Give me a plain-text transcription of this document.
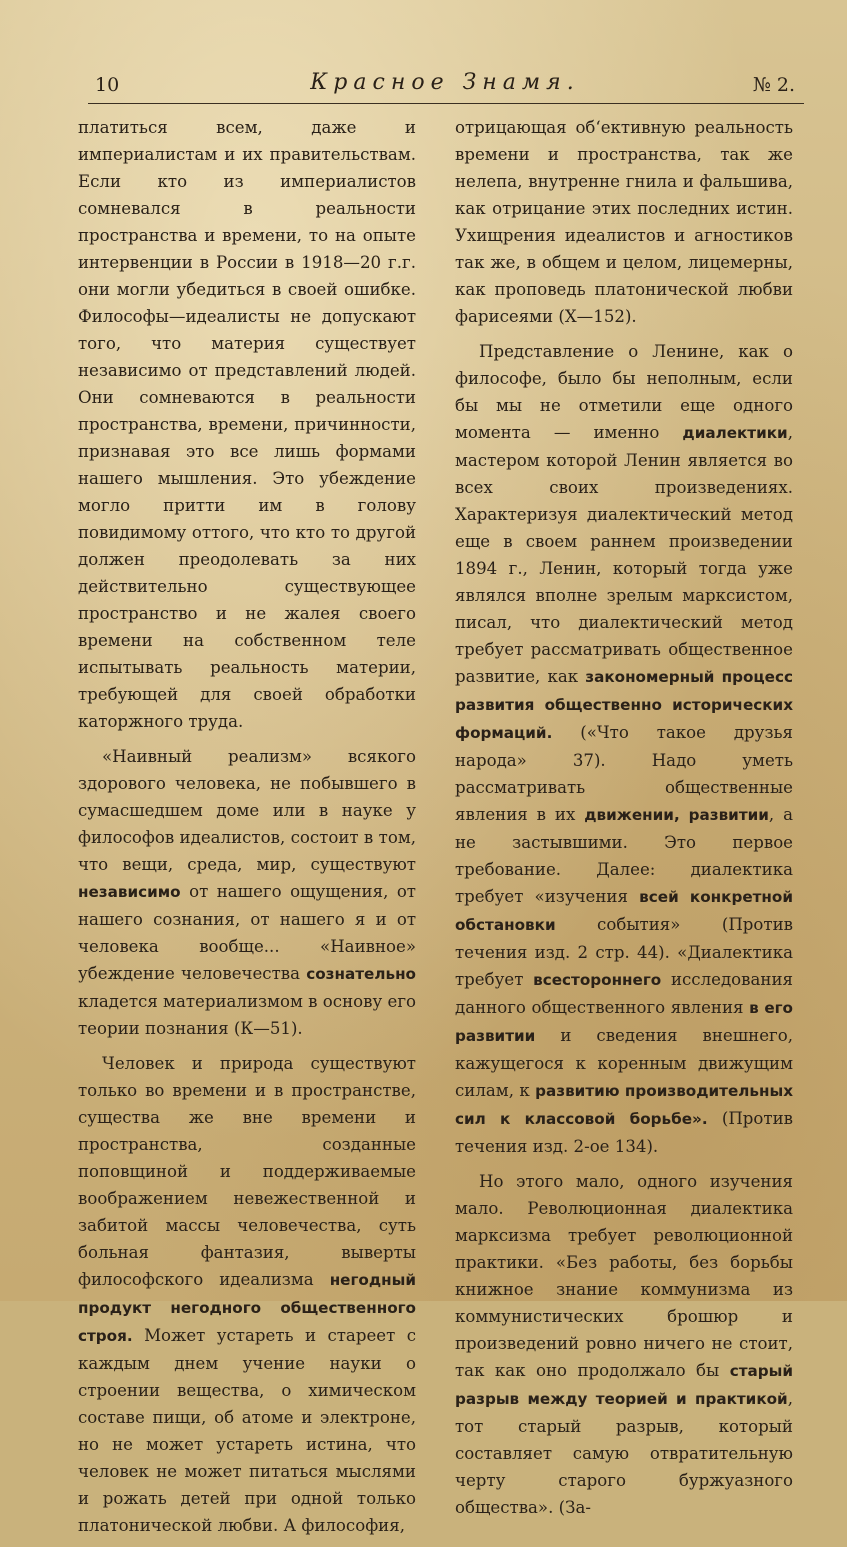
10	Красное Знамя.	№ 2.

платиться всем, даже и империалистам и их правительствам. Если кто из империалистов сомневался в реальности пространства и времени, то на опыте интервенции в России в 1918—20 г.г. они могли убедиться в своей ошибке. Философы—идеалисты не допускают того, что материя существует независимо от представлений людей. Они сомневаются в реальности пространства, времени, причинности, признавая это все лишь формами нашего мышления. Это убеждение могло притти им в голову повидимому оттого, что кто то другой должен преодолевать за них действительно существующее пространство и не жалея своего времени на собственном теле испытывать реальность материи, требующей для своей обработки каторжного труда.

«Наивный реализм» всякого здорового человека, не побывшего в сумасшедшем доме или в науке у философов идеалистов, состоит в том, что вещи, среда, мир, существуют независимо от нашего ощущения, от нашего сознания, от нашего я и от человека вообще... «Наивное» убеждение человечества сознательно кладется материализмом в основу его теории познания (К—51).

Человек и природа существуют только во времени и в пространстве, существа же вне времени и пространства, созданные поповщиной и поддерживаемые воображением невежественной и забитой массы человечества, суть больная фантазия, выверты философского идеализма негодный продукт негодного общественного строя. Может устареть и стареет с каждым днем учение науки о строении вещества, о химическом составе пищи, об атоме и электроне, но не может устареть истина, что человек не может питаться мыслями и рожать детей при одной только платонической любви. А философия,

отрицающая об‘ективную реальность времени и пространства, так же нелепа, внутренне гнила и фальшива, как отрицание этих последних истин. Ухищрения идеалистов и агностиков так же, в общем и целом, лицемерны, как проповедь платонической любви фарисеями (Х—152).

Представление о Ленине, как о философе, было бы неполным, если бы мы не отметили еще одного момента — именно диалектики, мастером которой Ленин является во всех своих произведениях. Характеризуя диалектический метод еще в своем раннем произведении 1894 г., Ленин, который тогда уже являлся вполне зрелым марксистом, писал, что диалектический метод требует рассматривать общественное развитие, как закономерный процесс развития общественно исторических формаций. («Что такое друзья народа» 37). Надо уметь рассматривать общественные явления в их движении, развитии, а не застывшими. Это первое требование. Далее: диалектика требует «изучения всей конкретной обстановки события» (Против течения изд. 2 стр. 44). «Диалектика требует всестороннего исследования данного общественного явления в его развитии и сведения внешнего, кажущегося к коренным движущим силам, к развитию производительных сил к классовой борьбе». (Против течения изд. 2-ое 134).

Но этого мало, одного изучения мало. Революционная диалектика марксизма требует революционной практики. «Без работы, без борьбы книжное знание коммунизма из коммунистических брошюр и произведений ровно ничего не стоит, так как оно продолжало бы старый разрыв между теорией и практикой, тот старый разрыв, который составляет самую отвратительную черту старого буржуазного общества». (За-
